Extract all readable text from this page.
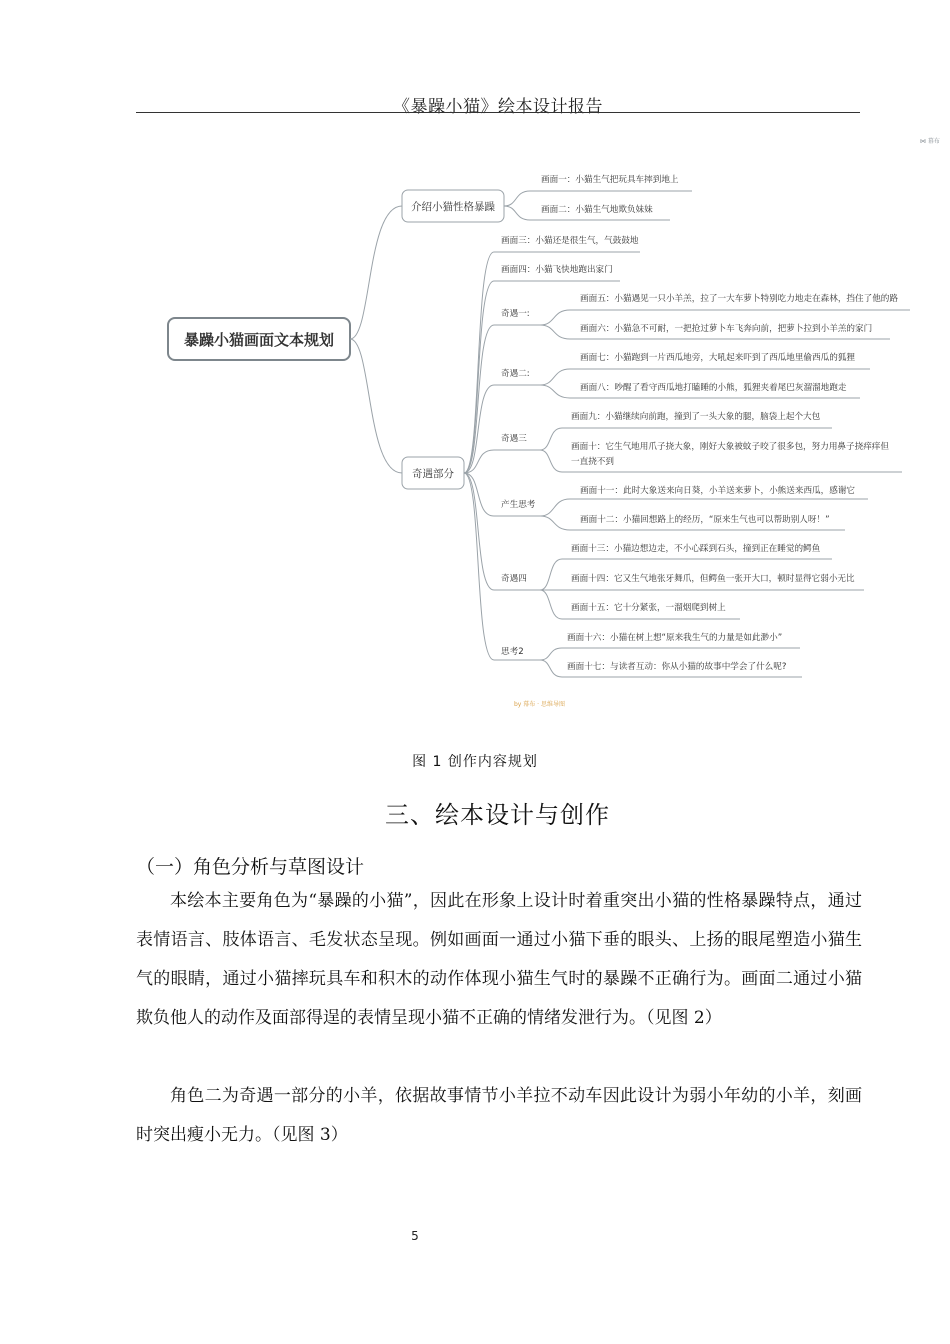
《暴躁小猫》绘本设计报告
暴躁小猫画面文本规划
介绍小猫性格暴躁
画面一：小猫生气把玩具车摔到地上
画面二：小猫生气地欺负妹妹
奇遇部分
画面三：小猫还是很生气，气鼓鼓地
画面四：小猫飞快地跑出家门
奇遇一:
画面五：小猫遇见一只小羊羔，拉了一大车萝卜特别吃力地走在森林，挡住了他的路
画面六：小猫急不可耐，一把抢过萝卜车飞奔向前，把萝卜拉到小羊羔的家门
奇遇二:
画面七：小猫跑到一片西瓜地旁，大吼起来吓到了西瓜地里偷西瓜的狐狸
画面八：吵醒了看守西瓜地打瞌睡的小熊，狐狸夹着尾巴灰溜溜地跑走
奇遇三
画面九：小猫继续向前跑，撞到了一头大象的腿，脑袋上起个大包
画面十：它生气地用爪子挠大象，刚好大象被蚊子咬了很多包，努力用鼻子挠痒痒但
一直挠不到
产生思考
画面十一：此时大象送来向日葵，小羊送来萝卜，小熊送来西瓜，感谢它
画面十二：小猫回想路上的经历，“原来生气也可以帮助别人呀！”
奇遇四
画面十三：小猫边想边走，不小心踩到石头，撞到正在睡觉的鳄鱼
画面十四：它又生气地张牙舞爪，但鳄鱼一张开大口，顿时显得它弱小无比
画面十五：它十分紧张，一溜烟爬到树上
思考2
画面十六：小猫在树上想“原来我生气的力量是如此渺小”
画面十七：与读者互动：你从小猫的故事中学会了什么呢?
⋈ 幕布
by 幕布 · 思维导图
图 1 创作内容规划
三、绘本设计与创作
（一）角色分析与草图设计

本绘本主要角色为“暴躁的小猫”，因此在形象上设计时着重突出小猫的性格暴躁特点，通过表情语言、肢体语言、毛发状态呈现。例如画面一通过小猫下垂的眼头、上扬的眼尾塑造小猫生气的眼睛，通过小猫摔玩具车和积木的动作体现小猫生气时的暴躁不正确行为。画面二通过小猫欺负他人的动作及面部得逞的表情呈现小猫不正确的情绪发泄行为。（见图 2）

角色二为奇遇一部分的小羊，依据故事情节小羊拉不动车因此设计为弱小年幼的小羊，刻画时突出瘦小无力。（见图 3）

5
